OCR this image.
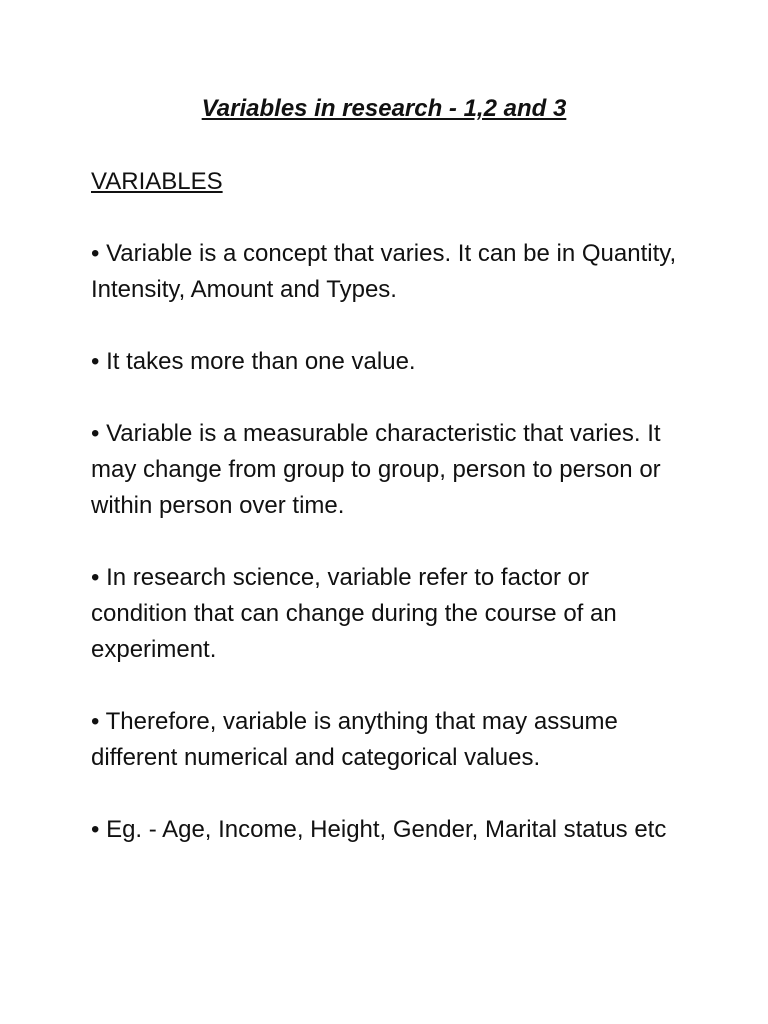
Variables in research - 1,2 and 3

VARIABLES

• Variable is a concept that varies. It can be in Quantity, Intensity, Amount and Types.

• It takes more than one value.

• Variable is a measurable characteristic that varies. It may change from group to group, person to person or within person over time.

• In research science, variable refer to factor or condition that can change during the course of an experiment.

• Therefore, variable is anything that may assume different numerical and categorical values.

• Eg. - Age, Income, Height, Gender, Marital status etc
